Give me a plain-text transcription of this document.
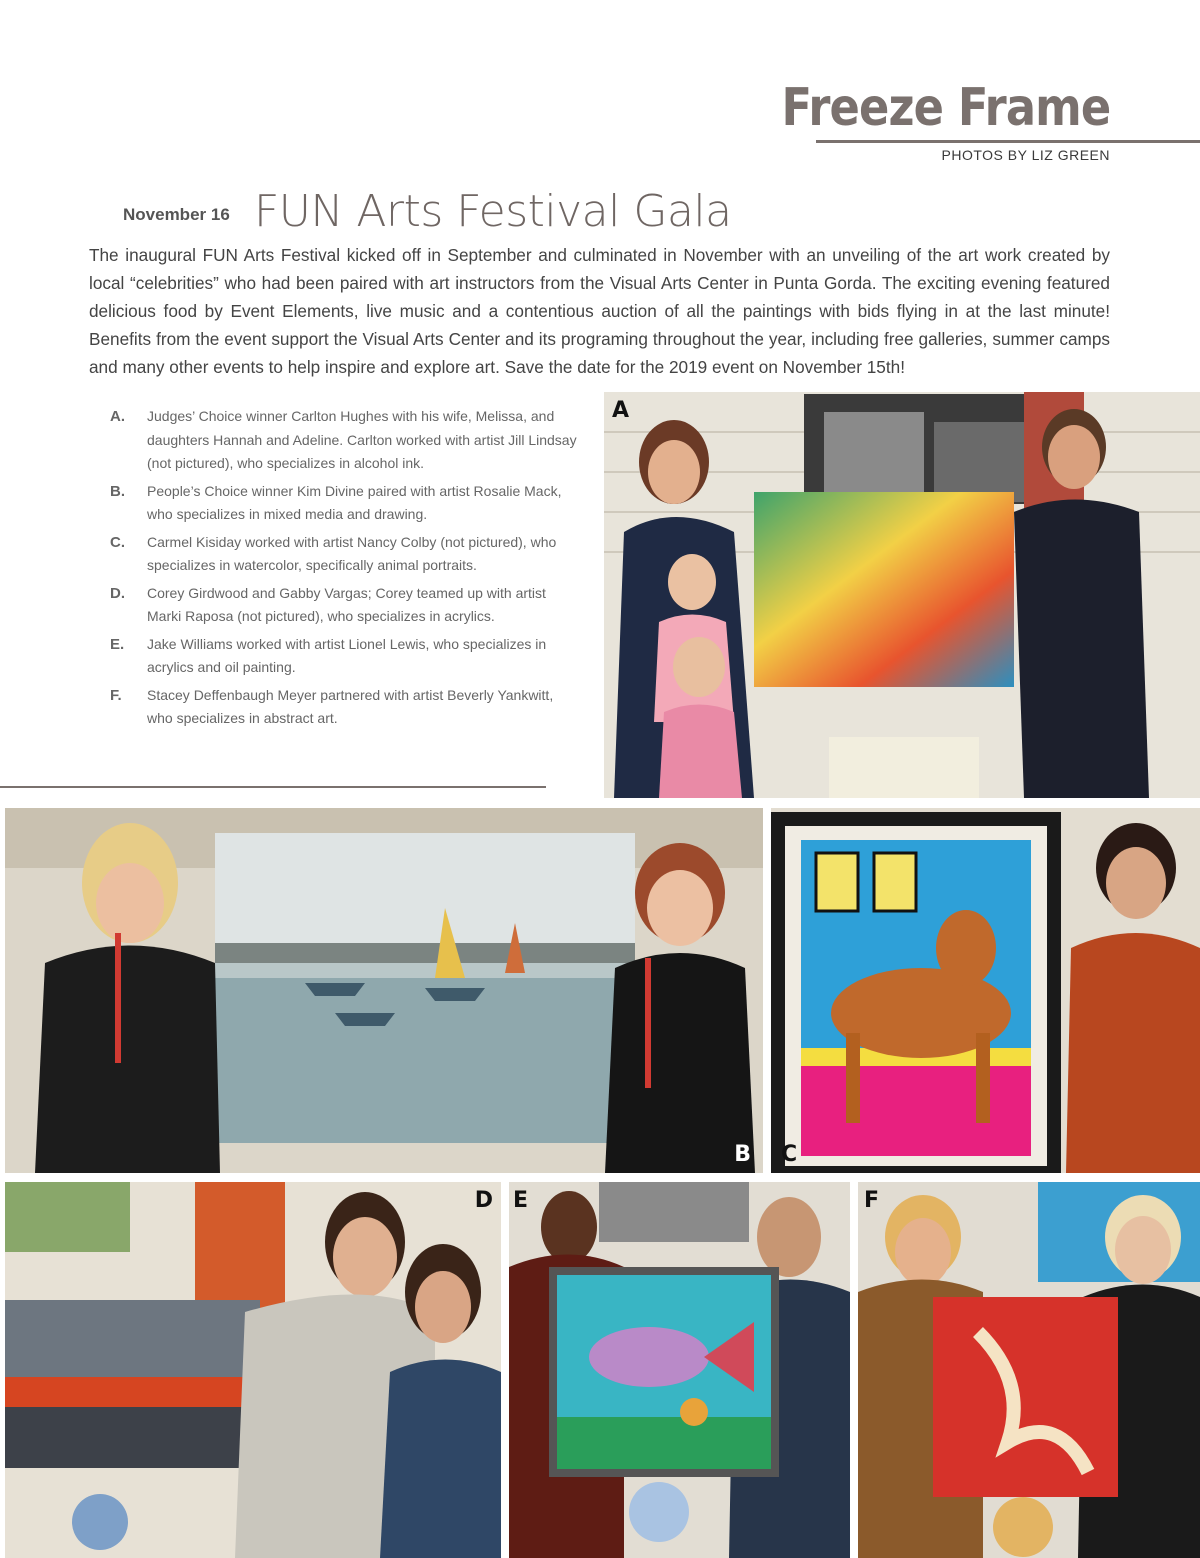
Freeze Frame
PHOTOS BY LIZ GREEN
November 16 FUN Arts Festival Gala

The inaugural FUN Arts Festival kicked off in September and culminated in November with an unveiling of the art work created by local “celebrities” who had been paired with art instructors from the Visual Arts Center in Punta Gorda. The exciting evening featured delicious food by Event Elements, live music and a contentious auction of all the paintings with bids flying in at the last minute! Benefits from the event support the Visual Arts Center and its programing throughout the year, including free galleries, summer camps and many other events to help inspire and explore art. Save the date for the 2019 event on November 15th!

A.	Judges’ Choice winner Carlton Hughes with his wife, Melissa, and daughters Hannah and Adeline. Carlton worked with artist Jill Lindsay (not pictured), who specializes in alcohol ink.
B.	People’s Choice winner Kim Divine paired with artist Rosalie Mack, who specializes in mixed media and drawing.
C.	Carmel Kisiday worked with artist Nancy Colby (not pictured), who specializes in watercolor, specifically animal portraits.
D.	Corey Girdwood and Gabby Vargas; Corey teamed up with artist Marki Raposa (not pictured), who specializes in acrylics.
E.	Jake Williams worked with artist Lionel Lewis, who specializes in acrylics and oil painting.
F.	Stacey Deffenbaugh Meyer partnered with artist Beverly Yankwitt, who specializes in abstract art.
A
B C
D E	F
